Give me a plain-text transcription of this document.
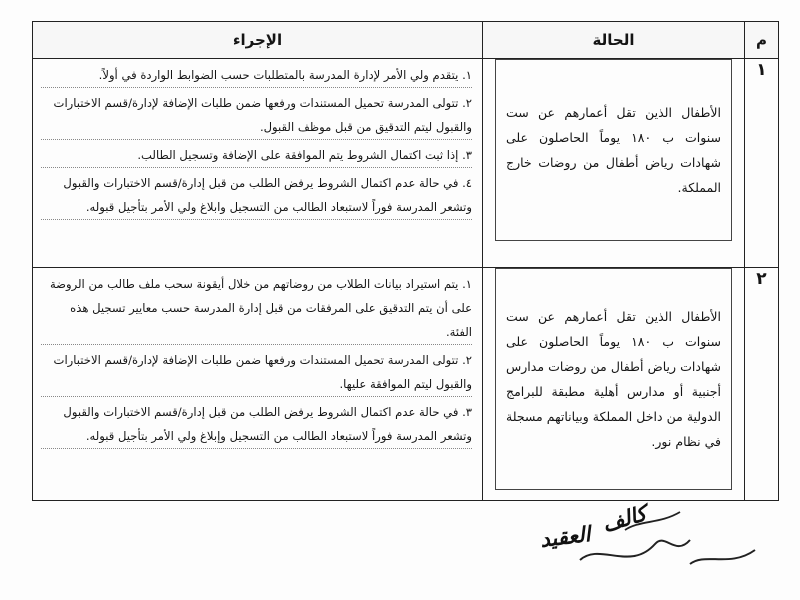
م	الحالة	الإجراء
١	الأطفال الذين تقل أعمارهم عن ست سنوات ب ١٨٠ يوماً الحاصلون على شهادات رياض أطفال من روضات خارج المملكة.	١. يتقدم ولي الأمر لإدارة المدرسة بالمتطلبات حسب الضوابط الواردة في أولاً.
٢. تتولى المدرسة تحميل المستندات ورفعها ضمن طلبات الإضافة لإدارة/قسم الاختبارات والقبول ليتم التدقيق من قبل موظف القبول.
٣. إذا ثبت اكتمال الشروط يتم الموافقة على الإضافة وتسجيل الطالب.
٤. في حالة عدم اكتمال الشروط يرفض الطلب من قبل إدارة/قسم الاختبارات والقبول وتشعر المدرسة فوراً لاستبعاد الطالب من التسجيل وابلاغ ولي الأمر بتأجيل قبوله.

٢	الأطفال الذين تقل أعمارهم عن ست سنوات ب ١٨٠ يوماً الحاصلون على شهادات رياض أطفال من روضات مدارس أجنبية أو مدارس أهلية مطبقة للبرامج الدولية من داخل المملكة وبياناتهم مسجلة في نظام نور.	١. يتم استيراد بيانات الطلاب من روضاتهم من خلال أيقونة سحب ملف طالب من الروضة على أن يتم التدقيق على المرفقات من قبل إدارة المدرسة حسب معايير تسجيل هذه الفئة.
٢. تتولى المدرسة تحميل المستندات ورفعها ضمن طلبات الإضافة لإدارة/قسم الاختبارات والقبول ليتم الموافقة عليها.
٣. في حالة عدم اكتمال الشروط يرفض الطلب من قبل إدارة/قسم الاختبارات والقبول وتشعر المدرسة فوراً لاستبعاد الطالب من التسجيل وإبلاغ ولي الأمر بتأجيل قبوله.
كالف
العقيد
